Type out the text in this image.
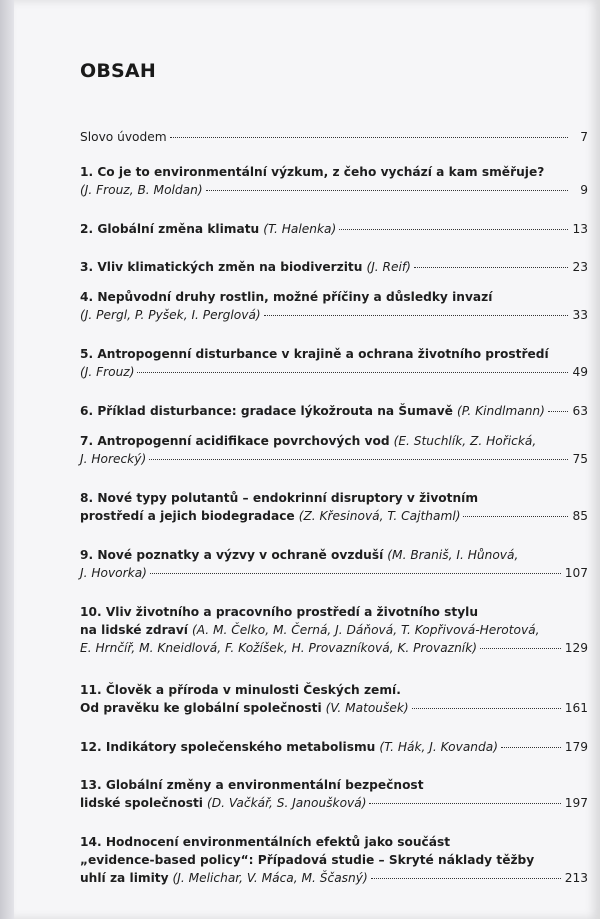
OBSAH
Slovo úvodem	7
1. Co je to environmentální výzkum, z čeho vychází a kam směřuje?
(J. Frouz, B. Moldan)	9
2. Globální změna klimatu (T. Halenka)	13
3. Vliv klimatických změn na biodiverzitu (J. Reif)	23
4. Nepůvodní druhy rostlin, možné příčiny a důsledky invazí
(J. Pergl, P. Pyšek, I. Perglová)	33
5. Antropogenní disturbance v krajině a ochrana životního prostředí
(J. Frouz)	49
6. Příklad disturbance: gradace lýkožrouta na Šumavě (P. Kindlmann) 63
7. Antropogenní acidifikace povrchových vod (E. Stuchlík, Z. Hořická,
J. Horecký)	75
8. Nové typy polutantů – endokrinní disruptory v životním
prostředí a jejich biodegradace (Z. Křesinová, T. Cajthaml)	85
9. Nové poznatky a výzvy v ochraně ovzduší (M. Braniš, I. Hůnová,
J. Hovorka)	107
10. Vliv životního a pracovního prostředí a životního stylu
na lidské zdraví (A. M. Čelko, M. Černá, J. Dáňová, T. Kopřivová-Herotová,
E. Hrnčíř, M. Kneidlová, F. Kožíšek, H. Provazníková, K. Provazník)	129
11. Člověk a příroda v minulosti Českých zemí.
Od pravěku ke globální společnosti (V. Matoušek)	161
12. Indikátory společenského metabolismu (T. Hák, J. Kovanda)	179
13. Globální změny a environmentální bezpečnost
lidské společnosti (D. Vačkář, S. Janoušková)	197
14. Hodnocení environmentálních efektů jako součást
„evidence-based policy“: Případová studie – Skryté náklady těžby
uhlí za limity (J. Melichar, V. Máca, M. Ščasný)	213
